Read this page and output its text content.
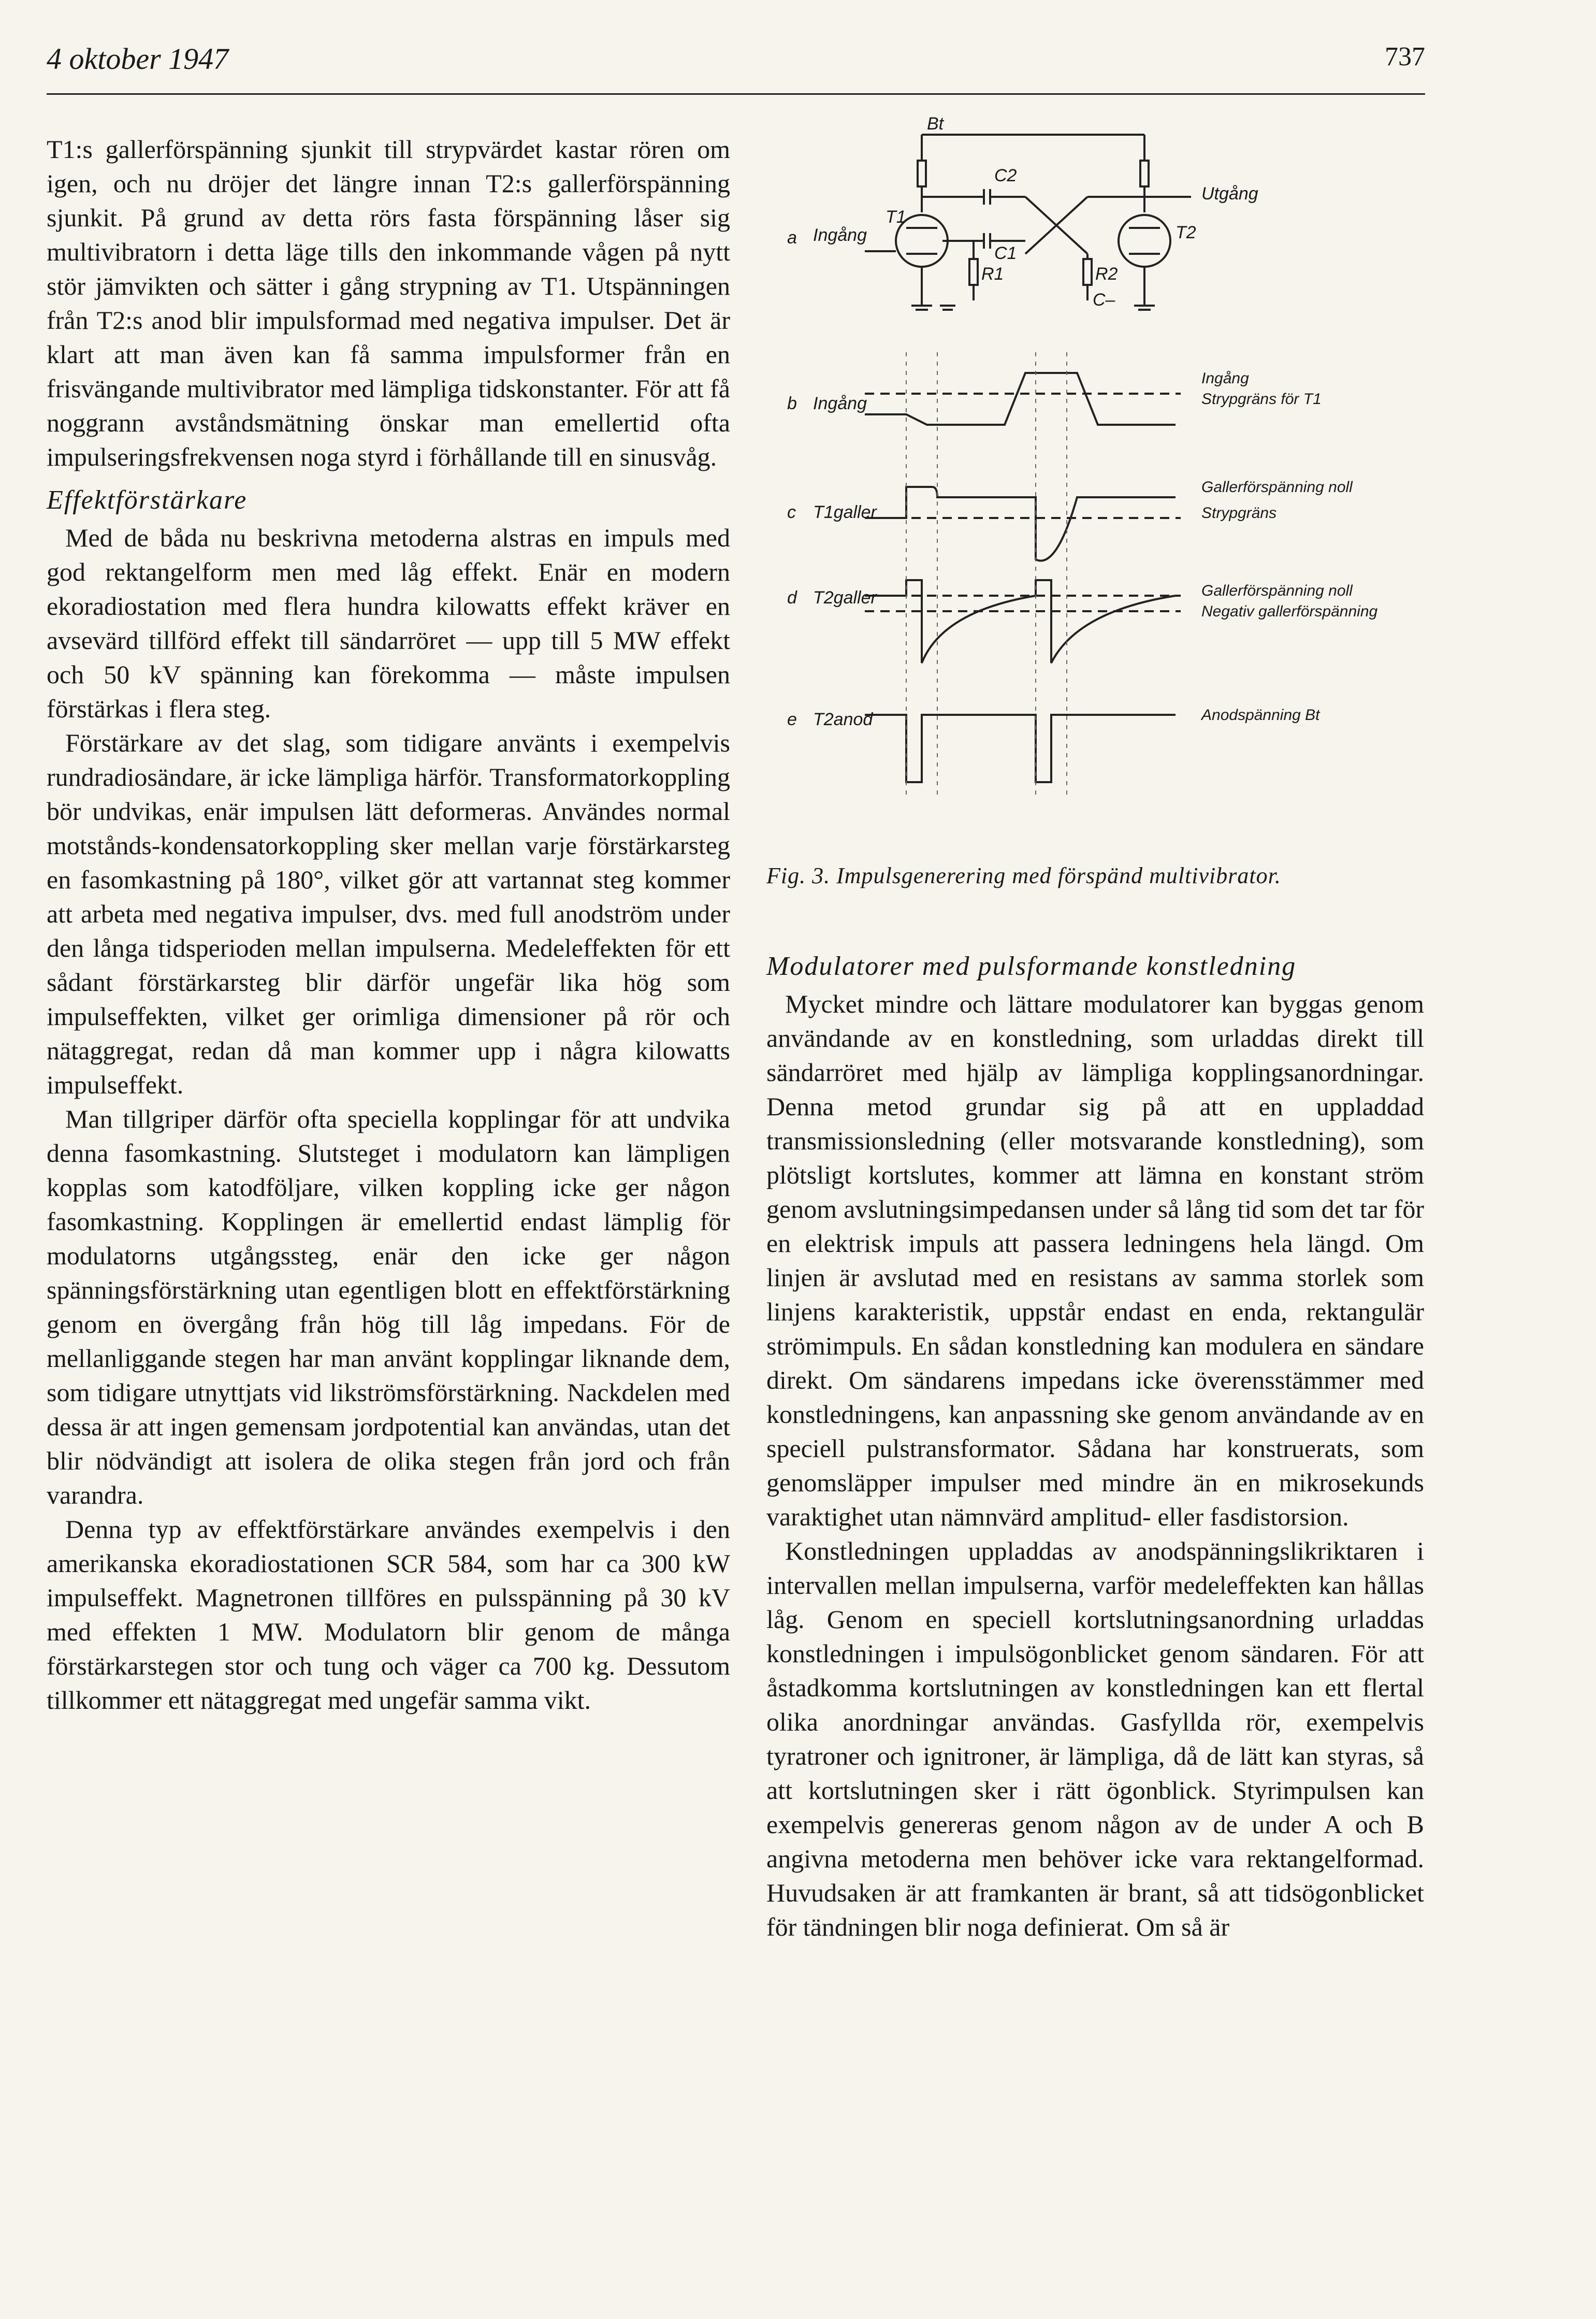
4 oktober 1947	737

T1:s gallerförspänning sjunkit till strypvärdet kastar rören om igen, och nu dröjer det längre innan T2:s gallerförspänning sjunkit. På grund av detta rörs fasta förspänning låser sig multivibratorn i detta läge tills den inkommande vågen på nytt stör jämvikten och sätter i gång strypning av T1. Utspänningen från T2:s anod blir impulsformad med negativa impulser. Det är klart att man även kan få samma impulsformer från en frisvängande multivibrator med lämpliga tidskonstanter. För att få noggrann avståndsmätning önskar man emellertid ofta impulseringsfrekvensen noga styrd i förhållande till en sinusvåg.

Effektförstärkare

Med de båda nu beskrivna metoderna alstras en impuls med god rektangelform men med låg effekt. Enär en modern ekoradiostation med flera hundra kilowatts effekt kräver en avsevärd tillförd effekt till sändarröret — upp till 5 MW effekt och 50 kV spänning kan förekomma — måste impulsen förstärkas i flera steg.

Förstärkare av det slag, som tidigare använts i exempelvis rundradiosändare, är icke lämpliga härför. Transformatorkoppling bör undvikas, enär impulsen lätt deformeras. Användes normal motstånds-kondensatorkoppling sker mellan varje förstärkarsteg en fasomkastning på 180°, vilket gör att vartannat steg kommer att arbeta med negativa impulser, dvs. med full anodström under den långa tidsperioden mellan impulserna. Medeleffekten för ett sådant förstärkarsteg blir därför ungefär lika hög som impulseffekten, vilket ger orimliga dimensioner på rör och nätaggregat, redan då man kommer upp i några kilowatts impulseffekt.

Man tillgriper därför ofta speciella kopplingar för att undvika denna fasomkastning. Slutsteget i modulatorn kan lämpligen kopplas som katodföljare, vilken koppling icke ger någon fasomkastning. Kopplingen är emellertid endast lämplig för modulatorns utgångssteg, enär den icke ger någon spänningsförstärkning utan egentligen blott en effektförstärkning genom en övergång från hög till låg impedans. För de mellanliggande stegen har man använt kopplingar liknande dem, som tidigare utnyttjats vid likströmsförstärkning. Nackdelen med dessa är att ingen gemensam jordpotential kan användas, utan det blir nödvändigt att isolera de olika stegen från jord och från varandra.

Denna typ av effektförstärkare användes exempelvis i den amerikanska ekoradiostationen SCR 584, som har ca 300 kW impulseffekt. Magnetronen tillföres en pulsspänning på 30 kV med effekten 1 MW. Modulatorn blir genom de många förstärkarstegen stor och tung och väger ca 700 kg. Dessutom tillkommer ett nätaggregat med ungefär samma vikt.

a
b
c
d
e
Bt
C2
C1
T1
T2
R1	R2
C–
Ingång
Utgång
Ingång
T1galler
T2galler
T2anod
Ingång
Strypgräns för T1
Gallerförspänning noll
Strypgräns
Gallerförspänning noll
Negativ gallerförspänning
Anodspänning Bt
Fig. 3. Impulsgenerering med förspänd multivibrator.
Modulatorer med pulsformande konstledning

Mycket mindre och lättare modulatorer kan byggas genom användande av en konstledning, som urladdas direkt till sändarröret med hjälp av lämpliga kopplingsanordningar. Denna metod grundar sig på att en uppladdad transmissionsledning (eller motsvarande konstledning), som plötsligt kortslutes, kommer att lämna en konstant ström genom avslutningsimpedansen under så lång tid som det tar för en elektrisk impuls att passera ledningens hela längd. Om linjen är avslutad med en resistans av samma storlek som linjens karakteristik, uppstår endast en enda, rektangulär strömimpuls. En sådan konstledning kan modulera en sändare direkt. Om sändarens impedans icke överensstämmer med konstledningens, kan anpassning ske genom användande av en speciell pulstransformator. Sådana har konstruerats, som genomsläpper impulser med mindre än en mikrosekunds varaktighet utan nämnvärd amplitud- eller fasdistorsion.

Konstledningen uppladdas av anodspänningslikriktaren i intervallen mellan impulserna, varför medeleffekten kan hållas låg. Genom en speciell kortslutningsanordning urladdas konstledningen i impulsögonblicket genom sändaren. För att åstadkomma kortslutningen av konstledningen kan ett flertal olika anordningar användas. Gasfyllda rör, exempelvis tyratroner och ignitroner, är lämpliga, då de lätt kan styras, så att kortslutningen sker i rätt ögonblick. Styrimpulsen kan exempelvis genereras genom någon av de under A och B angivna metoderna men behöver icke vara rektangelformad. Huvudsaken är att framkanten är brant, så att tidsögonblicket för tändningen blir noga definierat. Om så är
